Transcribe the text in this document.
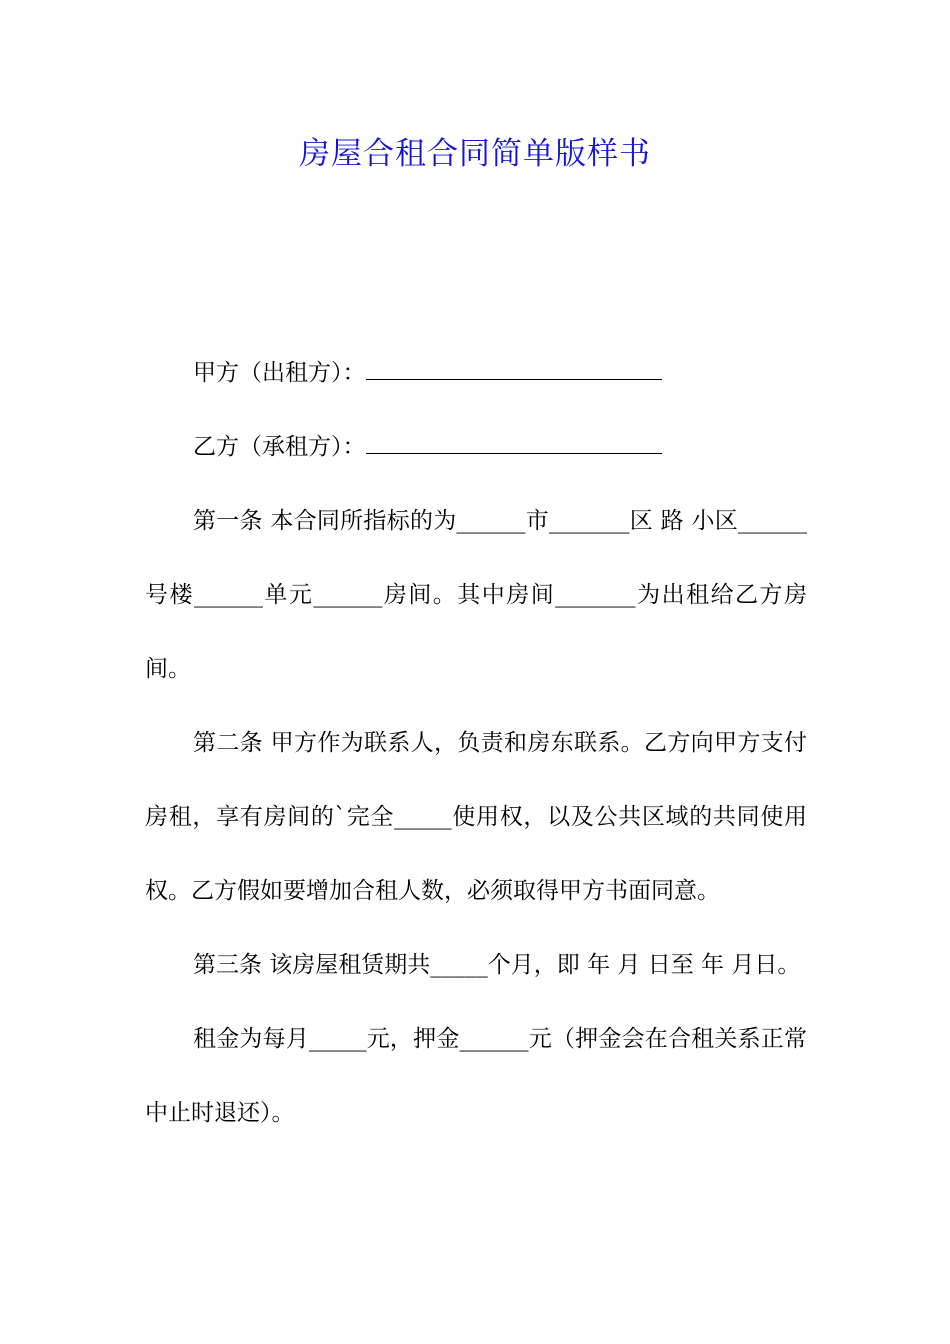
房屋合租合同简单版样书

甲方（出租方）：

乙方（承租方）：

第一条 本合同所指标的为______市_______区 路 小区______号楼______单元______房间。其中房间_______为出租给乙方房间。

第二条 甲方作为联系人，负责和房东联系。乙方向甲方支付房租，享有房间的`完全_____使用权，以及公共区域的共同使用权。乙方假如要增加合租人数，必须取得甲方书面同意。

第三条 该房屋租赁期共_____个月，即 年 月 日至 年 月日。

租金为每月_____元，押金______元（押金会在合租关系正常中止时退还）。
